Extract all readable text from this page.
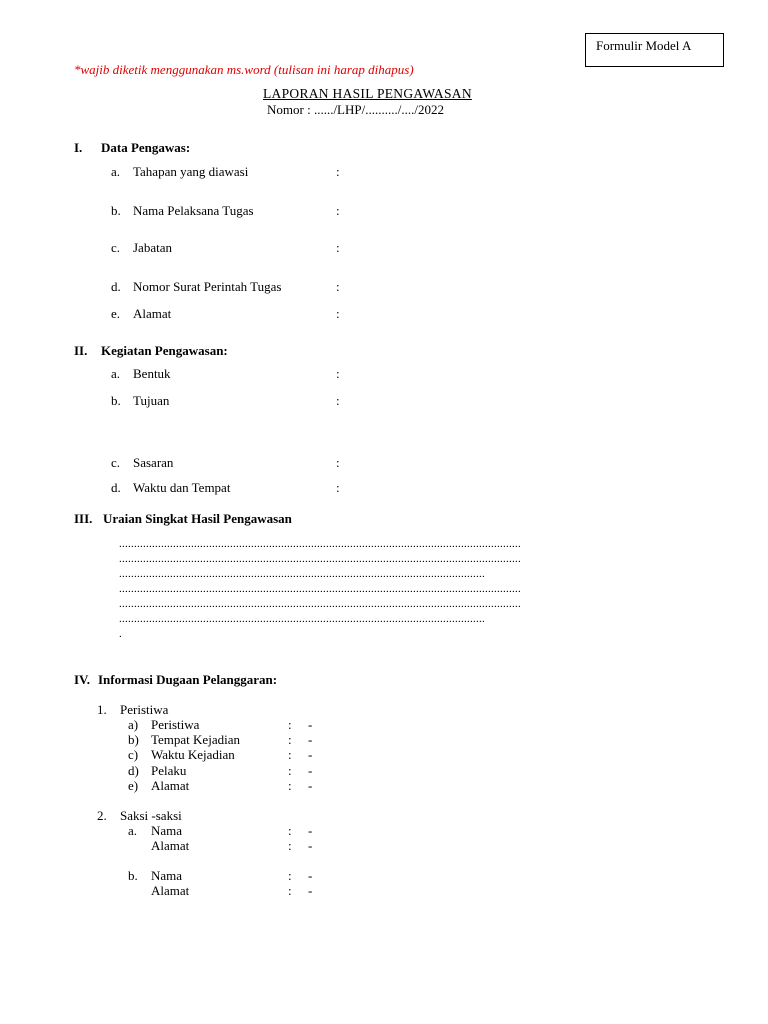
Formulir Model A
*wajib diketik menggunakan ms.word (tulisan ini harap dihapus)
LAPORAN HASIL PENGAWASAN
Nomor : ....../LHP/........../..../2022
I. Data Pengawas:
a. Tahapan yang diawasi	:
b. Nama Pelaksana Tugas	:
c. Jabatan	:
d. Nomor Surat Perintah Tugas	:
e. Alamat	:
II. Kegiatan Pengawasan:
a. Bentuk	:
b. Tujuan	:
c. Sasaran	:
d. Waktu dan Tempat	:
III. Uraian Singkat Hasil Pengawasan
......................................................................................................................................
......................................................................................................................................
..........................................................................................................................
......................................................................................................................................
......................................................................................................................................
..........................................................................................................................
.
IV. Informasi Dugaan Pelanggaran:
1. Peristiwa
a) Peristiwa	: -
b) Tempat Kejadian	: -
c) Waktu Kejadian	: -
d) Pelaku	: -
e) Alamat	: -
2. Saksi -saksi
a. Nama	: -
Alamat	: -
b. Nama	: -
Alamat	: -
